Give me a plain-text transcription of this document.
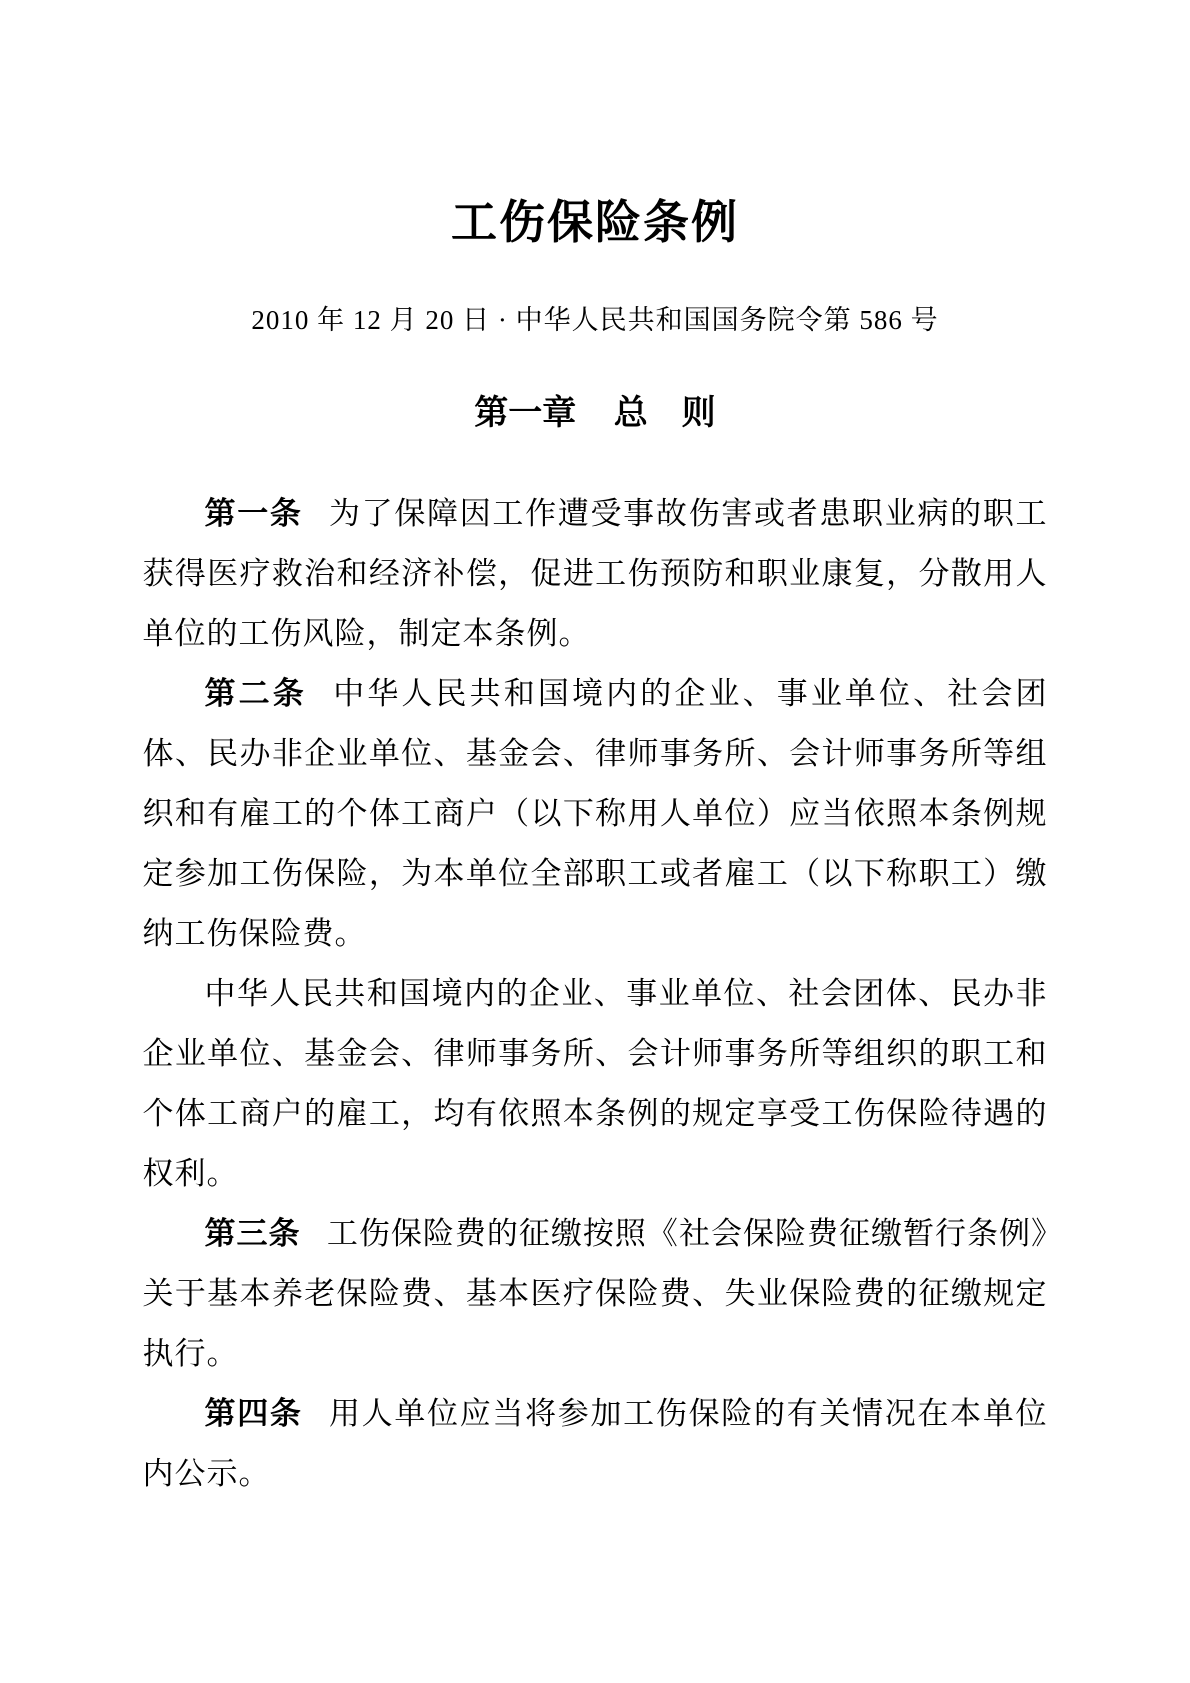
工伤保险条例

2010 年 12 月 20 日 · 中华人民共和国国务院令第 586 号

第一章 总　则

第一条 为了保障因工作遭受事故伤害或者患职业病的职工获得医疗救治和经济补偿，促进工伤预防和职业康复，分散用人单位的工伤风险，制定本条例。

第二条 中华人民共和国境内的企业、事业单位、社会团体、民办非企业单位、基金会、律师事务所、会计师事务所等组织和有雇工的个体工商户（以下称用人单位）应当依照本条例规定参加工伤保险，为本单位全部职工或者雇工（以下称职工）缴纳工伤保险费。

中华人民共和国境内的企业、事业单位、社会团体、民办非企业单位、基金会、律师事务所、会计师事务所等组织的职工和个体工商户的雇工，均有依照本条例的规定享受工伤保险待遇的权利。

第三条 工伤保险费的征缴按照《社会保险费征缴暂行条例》关于基本养老保险费、基本医疗保险费、失业保险费的征缴规定执行。

第四条 用人单位应当将参加工伤保险的有关情况在本单位内公示。
